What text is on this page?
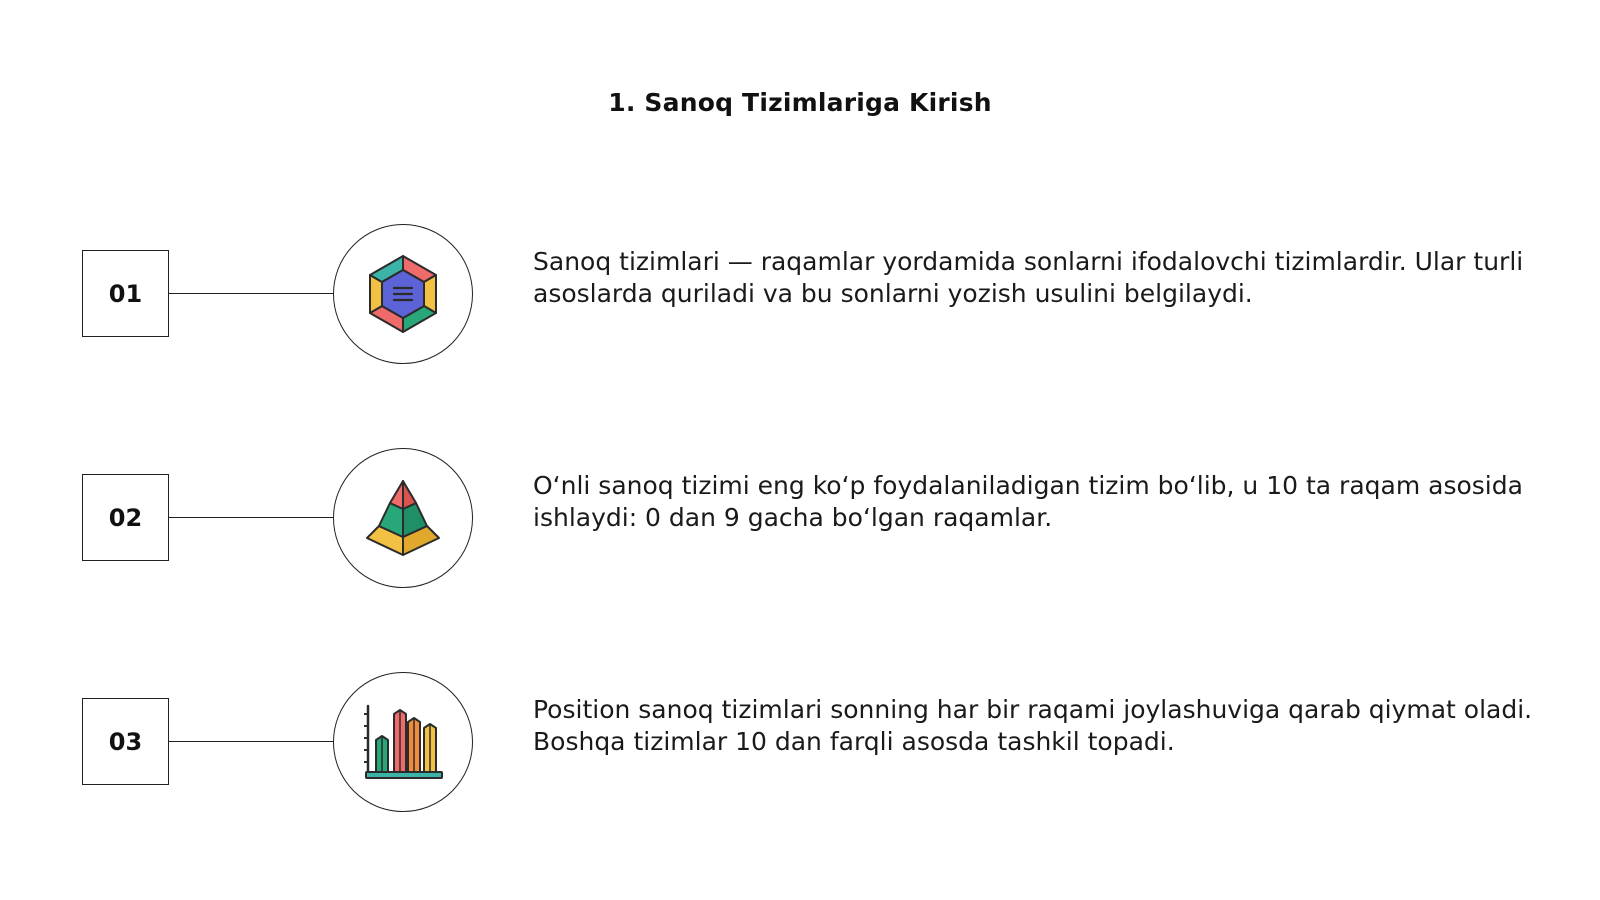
1. Sanoq Tizimlariga Kirish
01

Sanoq tizimlari — raqamlar yordamida sonlarni ifodalovchi tizimlardir. Ular turli asoslarda quriladi va bu sonlarni yozish usulini belgilaydi.

02

O‘nli sanoq tizimi eng ko‘p foydalaniladigan tizim bo‘lib, u 10 ta raqam asosida ishlaydi: 0 dan 9 gacha bo‘lgan raqamlar.

03

Position sanoq tizimlari sonning har bir raqami joylashuviga qarab qiymat oladi. Boshqa tizimlar 10 dan farqli asosda tashkil topadi.
